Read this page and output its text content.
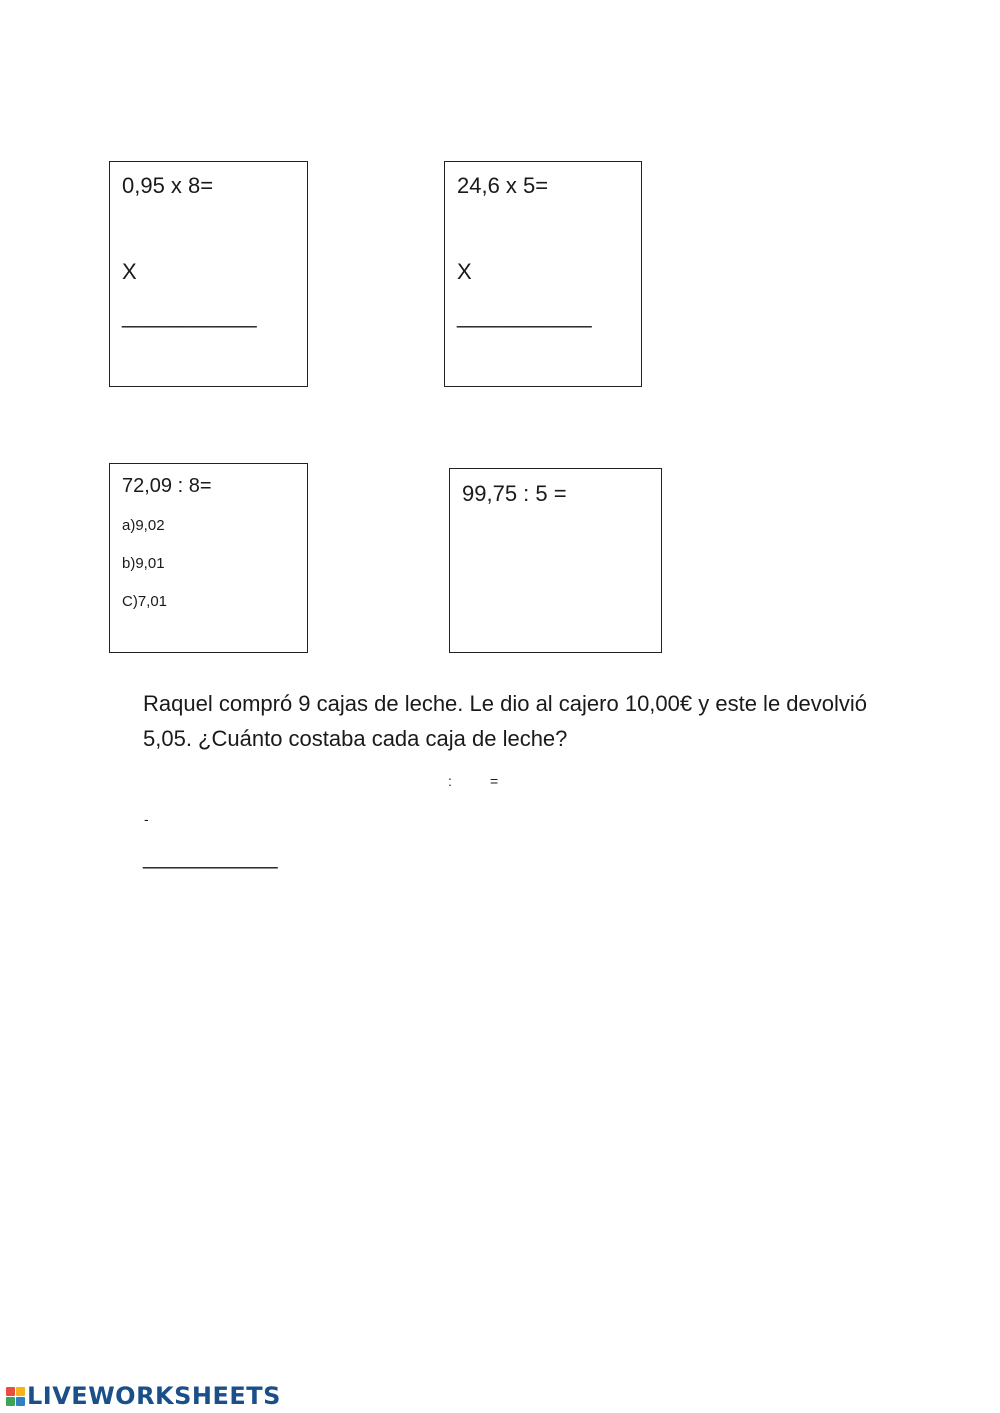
0,95 x 8=
X
___________
24,6 x 5=
X
___________
72,09 : 8=
a)9,02
b)9,01
C)7,01
99,75 : 5 =
Raquel compró 9 cajas de leche. Le dio al cajero 10,00€ y este le devolvió 5,05. ¿Cuánto costaba cada caja de leche?
:	=
-
___________
LIVEWORKSHEETS
